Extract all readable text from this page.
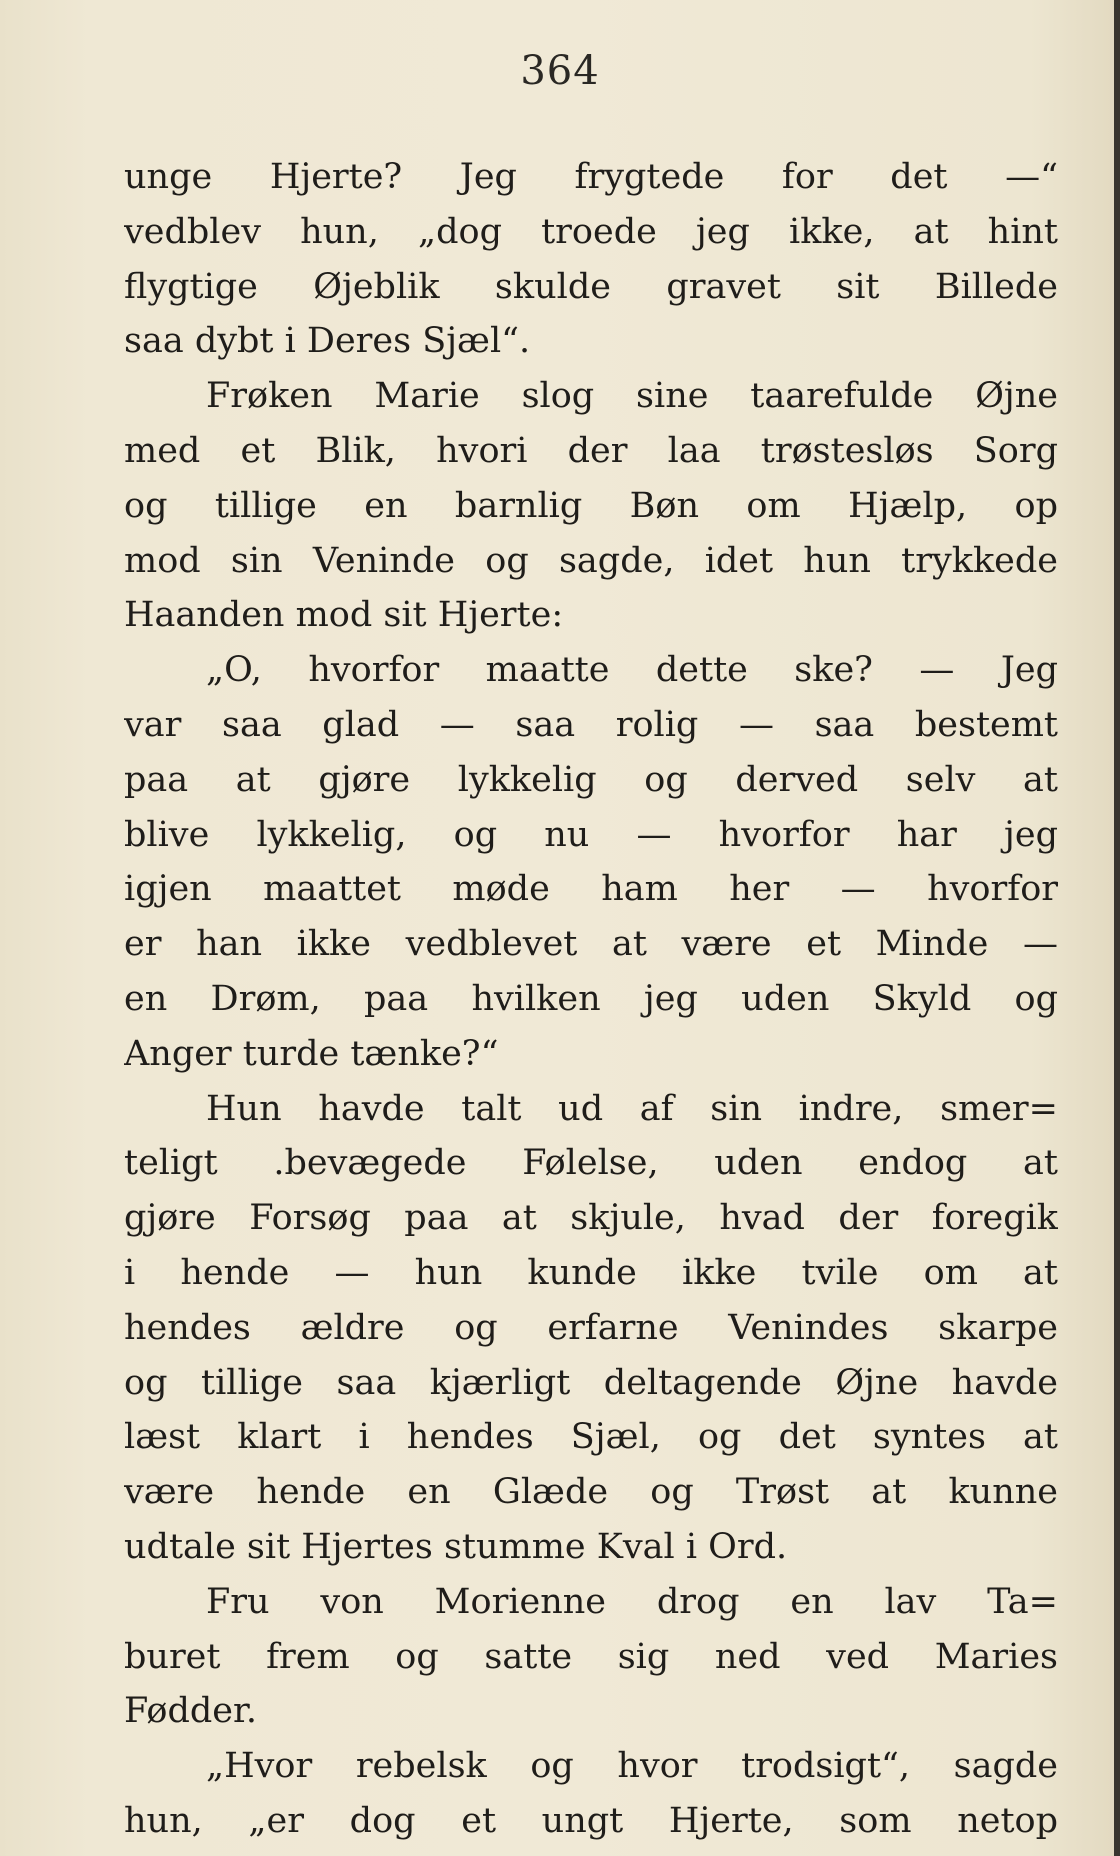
364
unge Hjerte? Jeg frygtede for det —“
vedblev hun, „dog troede jeg ikke, at hint
flygtige Øjeblik skulde gravet sit Billede
saa dybt i Deres Sjæl“.
Frøken Marie slog sine taarefulde Øjne
med et Blik, hvori der laa trøstesløs Sorg
og tillige en barnlig Bøn om Hjælp, op
mod sin Veninde og sagde, idet hun trykkede
Haanden mod sit Hjerte:
„O, hvorfor maatte dette ske? — Jeg
var saa glad — saa rolig — saa bestemt
paa at gjøre lykkelig og derved selv at
blive lykkelig, og nu — hvorfor har jeg
igjen maattet møde ham her — hvorfor
er han ikke vedblevet at være et Minde —
en Drøm, paa hvilken jeg uden Skyld og
Anger turde tænke?“
Hun havde talt ud af sin indre, smer=
teligt .bevægede Følelse, uden endog at
gjøre Forsøg paa at skjule, hvad der foregik
i hende — hun kunde ikke tvile om at
hendes ældre og erfarne Venindes skarpe
og tillige saa kjærligt deltagende Øjne havde
læst klart i hendes Sjæl, og det syntes at
være hende en Glæde og Trøst at kunne
udtale sit Hjertes stumme Kval i Ord.
Fru von Morienne drog en lav Ta=
buret frem og satte sig ned ved Maries
Fødder.
„Hvor rebelsk og hvor trodsigt“, sagde
hun, „er dog et ungt Hjerte, som netop
